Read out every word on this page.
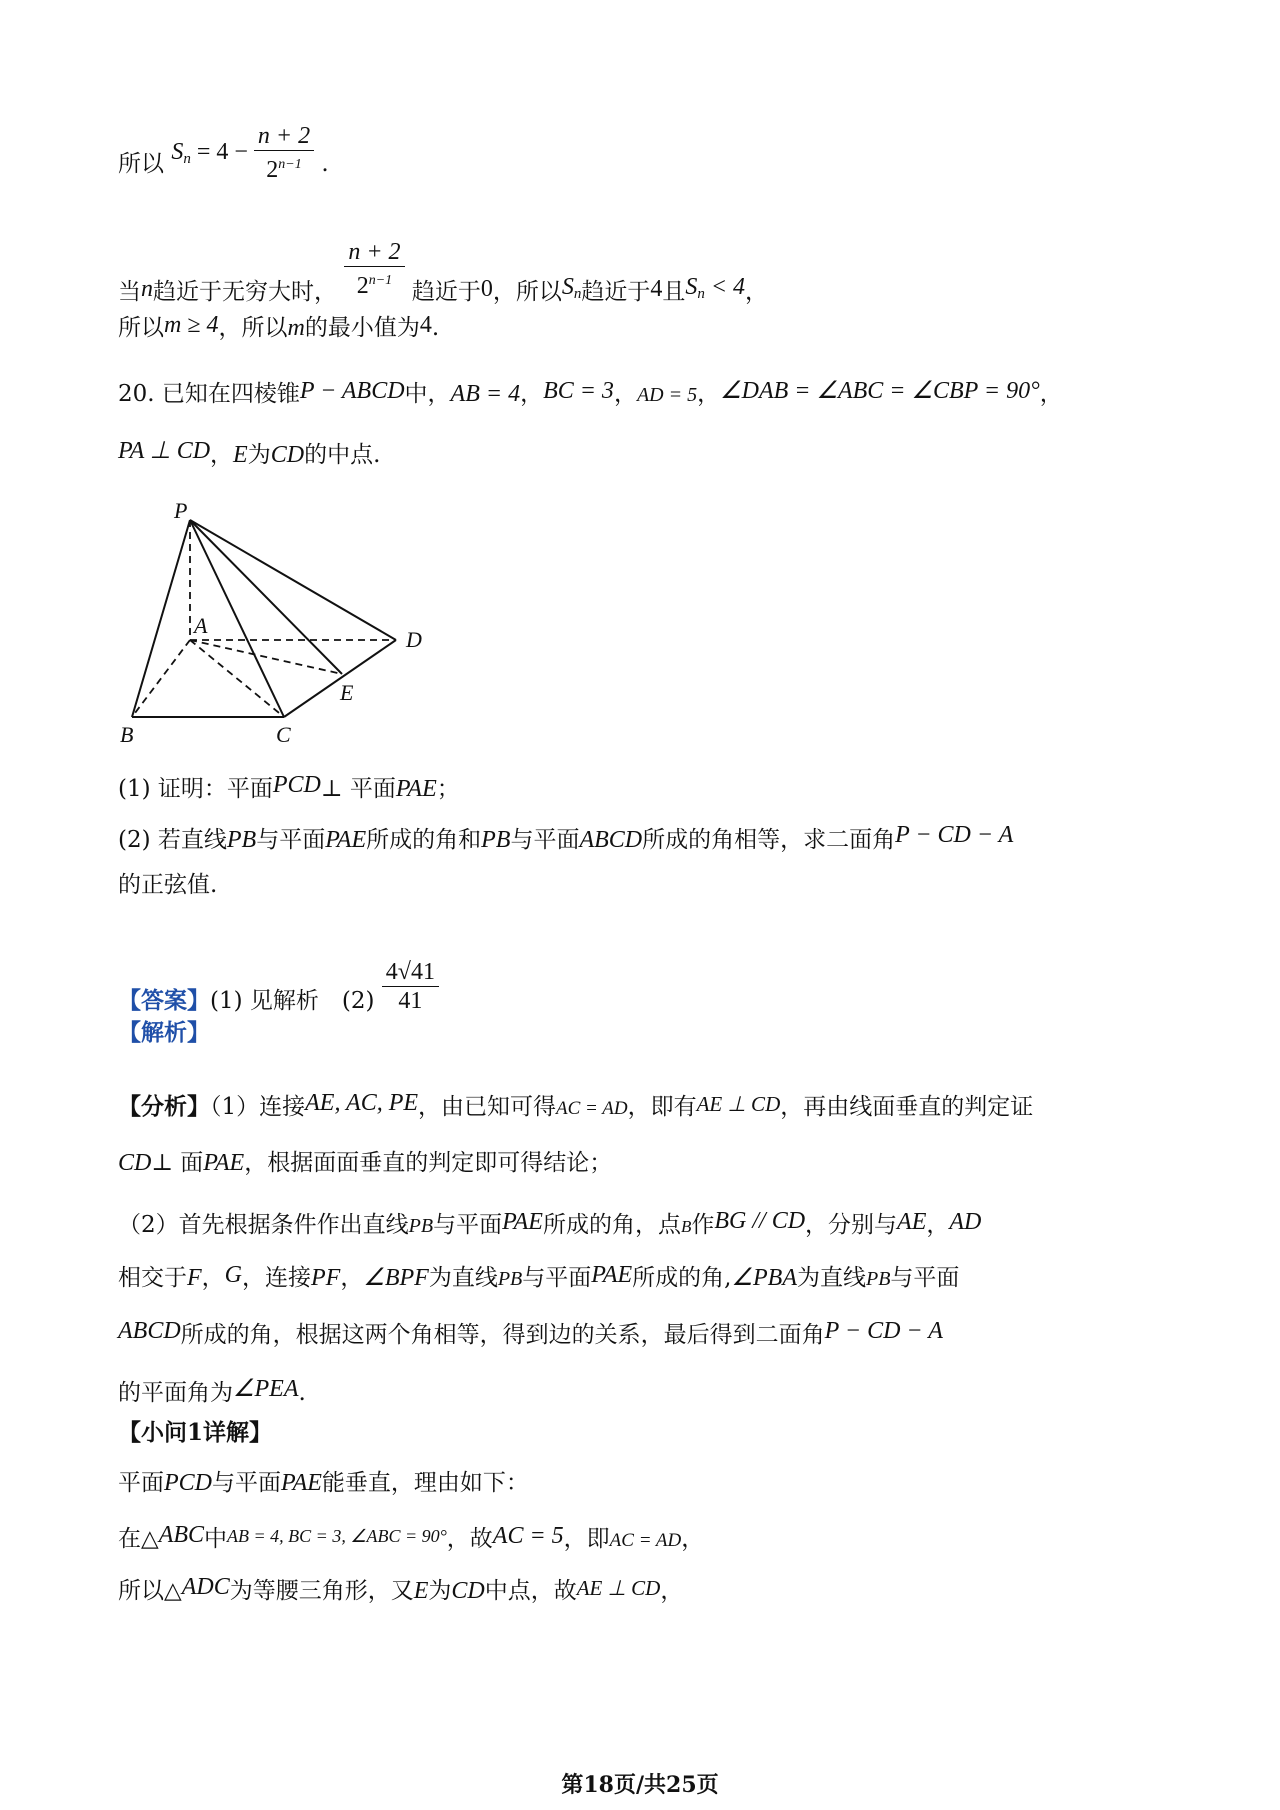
所以 $S_n = 4 - \frac{n + 2}{2^{n-1}}$ .
当n趋近于无穷大时， $\frac{n + 2}{2^{n-1}}$ 趋近于0，所以$S_n$趋近于4且$S_n < 4$，
所以m ≥ 4，所以m的最小值为4.
20. 已知在四棱锥P − ABCD中，AB = 4，BC = 3，AD = 5，∠DAB = ∠ABC = ∠CBP = 90°，
PA ⊥ CD，E为CD的中点.
P
A
B	C
D
E
(1) 证明：平面PCD⊥ 平面PAE；
(2) 若直线PB与平面PAE所成的角和PB与平面ABCD所成的角相等，求二面角P − CD − A
的正弦值.
【答案】(1) 见解析　$(2) \frac{4√41}{41}$
【解析】
【分析】（1）连接AE, AC, PE，由已知可得AC = AD，即有AE ⊥ CD，再由线面垂直的判定证
CD⊥ 面PAE，根据面面垂直的判定即可得结论；
（2）首先根据条件作出直线PB与平面PAE所成的角，点B作BG // CD，分别与AE，AD
相交于F，G，连接PF，∠BPF为直线PB与平面PAE所成的角,∠PBA为直线PB与平面
ABCD所成的角，根据这两个角相等，得到边的关系，最后得到二面角P − CD − A
的平面角为∠PEA.
【小问1详解】
平面PCD与平面PAE能垂直，理由如下：
在△ABC中AB = 4, BC = 3, ∠ABC = 90°，故AC = 5，即AC = AD，
所以△ADC为等腰三角形，又E为CD中点，故AE ⊥ CD，
第18页/共25页
